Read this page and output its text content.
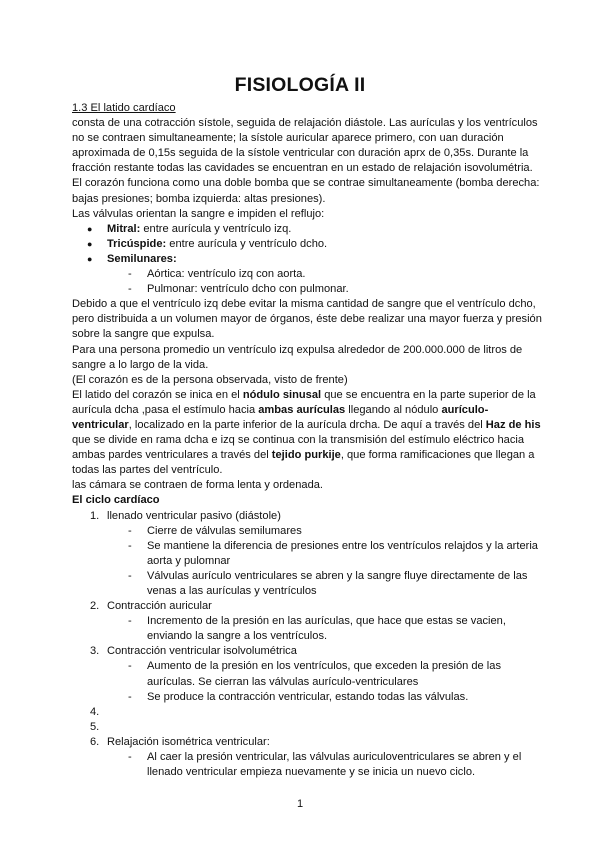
FISIOLOGÍA II

1.3 El latido cardíaco

consta de una cotracción sístole, seguida de relajación diástole. Las aurículas y los ventrículos no se contraen simultaneamente; la sístole auricular aparece primero, con uan duración aproximada de 0,15s seguida de la sístole ventricular con duración aprx de 0,35s. Durante la fracción restante todas las cavidades se encuentran en un estado de relajación isovolumétria. El corazón funciona como una doble bomba que se contrae simultaneamente (bomba derecha: bajas presiones; bomba izquierda: altas presiones).

Las válvulas orientan la sangre e impiden el reflujo:

● Mitral: entre aurícula y ventrículo izq.
● Tricúspide: entre aurícula y ventrículo dcho.
● Semilunares:
- Aórtica: ventrículo izq con aorta.
- Pulmonar: ventrículo dcho con pulmonar.

Debido a que el ventrículo izq debe evitar la misma cantidad de sangre que el ventrículo dcho, pero distribuida a un volumen mayor de órganos, éste debe realizar una mayor fuerza y presión sobre la sangre que expulsa.

Para una persona promedio un ventrículo izq expulsa alrededor de 200.000.000 de litros de sangre a lo largo de la vida.

(El corazón es de la persona observada, visto de frente)

El latido del corazón se inica en el nódulo sinusal que se encuentra en la parte superior de la aurícula dcha ,pasa el estímulo hacia ambas aurículas llegando al nódulo aurículo-ventricular, localizado en la parte inferior de la aurícula drcha. De aquí a través del Haz de his que se divide en rama dcha e izq se continua con la transmisión del estímulo eléctrico hacia ambas pardes ventriculares a través del tejido purkije, que forma ramificaciones que llegan a todas las partes del ventrículo.

las cámara se contraen de forma lenta y ordenada.

El ciclo cardíaco

1. llenado ventricular pasivo (diástole)
- Cierre de válvulas semilumares
- Se mantiene la diferencia de presiones entre los ventrículos relajdos y la arteria aorta y pulomnar
- Válvulas aurículo ventriculares se abren y la sangre fluye directamente de las venas a las aurículas y ventrículos
2. Contracción auricular
- Incremento de la presión en las aurículas, que hace que estas se vacien, enviando la sangre a los ventrículos.
3. Contracción ventricular isolvolumétrica
- Aumento de la presión en los ventrículos, que exceden la presión de las aurículas. Se cierran las válvulas aurículo-ventriculares
- Se produce la contracción ventricular, estando todas las válvulas.
4.

5.

6. Relajación isométrica ventricular:
- Al caer la presión ventricular, las válvulas auriculoventriculares se abren y el llenado ventricular empieza nuevamente y se inicia un nuevo ciclo.
1
